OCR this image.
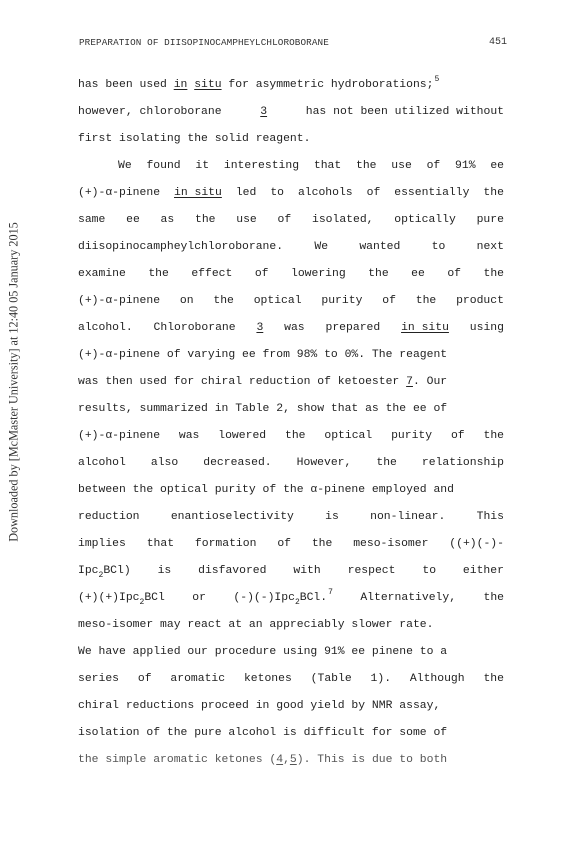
Downloaded by [McMaster University] at 12:40 05 January 2015
PREPARATION OF DIISOPINOCAMPHEYLCHLOROBORANE	451
has been used in situ for asymmetric hydroborations;$^5$
however, chloroborane	3	has not been utilized without
first isolating the solid reagent.
We found it interesting that the use of 91% ee
(+)-α-pinene in situ led to alcohols of essentially the
same ee as the use of isolated, optically pure
diisopinocampheylchloroborane.	We	wanted	to	next
examine the effect of lowering the ee of the
(+)-α-pinene on the optical purity of the product
alcohol. Chloroborane 3 was prepared in situ using
(+)-α-pinene of varying ee from 98% to 0%. The reagent
was then used for chiral reduction of ketoester 7. Our
results, summarized in Table 2, show that as the ee of
(+)-α-pinene was lowered the optical purity of the
alcohol also decreased. However, the relationship
between the optical purity of the α-pinene employed and
reduction	enantioselectivity	is	non-linear.	This
implies that formation of the meso-isomer ((+)(-)-
Ipc$_2$BCl) is disfavored with respect to either
(+)(+)Ipc$_2$BCl or (-)(-)Ipc$_2$BCl.$^7$ Alternatively, the
meso-isomer may react at an appreciably slower rate.
We have applied our procedure using 91% ee pinene to a
series of aromatic ketones (Table 1). Although the
chiral reductions proceed in good yield by NMR assay,
isolation of the pure alcohol is difficult for some of
the simple aromatic ketones (4,5). This is due to both
